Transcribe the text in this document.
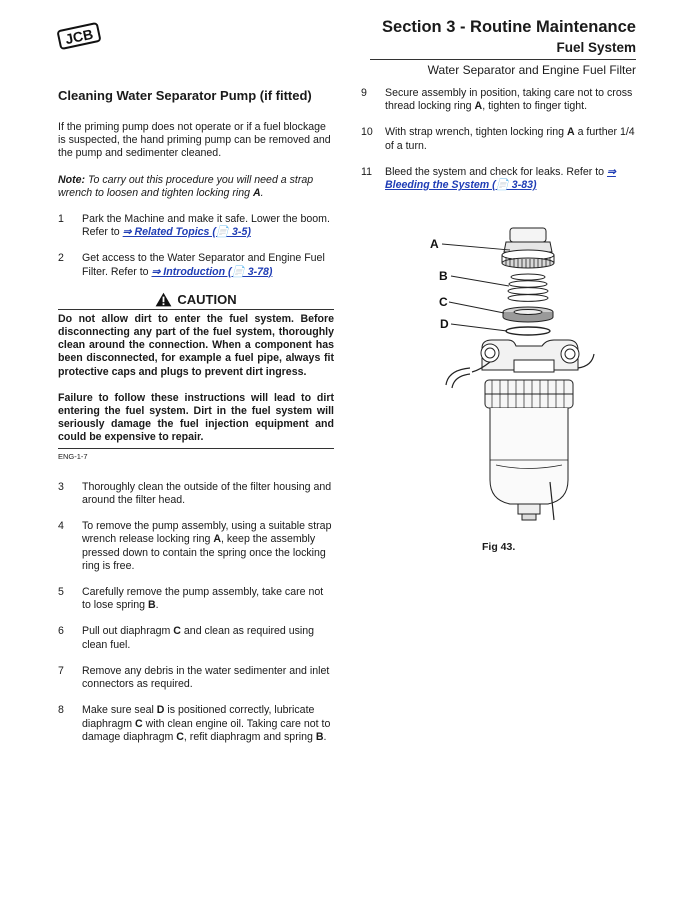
JCB	Section 3 - Routine Maintenance
Fuel System
Water Separator and Engine Fuel Filter
Cleaning Water Separator Pump (if fitted)

If the priming pump does not operate or if a fuel blockage is suspected, the hand priming pump can be removed and the pump and sedimenter cleaned.

Note: To carry out this procedure you will need a strap wrench to loosen and tighten locking ring A.

1	Park the Machine and make it safe. Lower the boom. Refer to ⇒ Related Topics (📄 3-5)
2	Get access to the Water Separator and Engine Fuel Filter. Refer to ⇒ Introduction (📄 3-78)
CAUTION

Do not allow dirt to enter the fuel system. Before disconnecting any part of the fuel system, thoroughly clean around the connection. When a component has been disconnected, for example a fuel pipe, always fit protective caps and plugs to prevent dirt ingress.

Failure to follow these instructions will lead to dirt entering the fuel system. Dirt in the fuel system will seriously damage the fuel injection equipment and could be expensive to repair.

ENG-1-7
3	Thoroughly clean the outside of the filter housing and around the filter head.
4	To remove the pump assembly, using a suitable strap wrench release locking ring A, keep the assembly pressed down to contain the spring once the locking ring is free.
5	Carefully remove the pump assembly, take care not to lose spring B.
6	Pull out diaphragm C and clean as required using clean fuel.
7	Remove any debris in the water sedimenter and inlet connectors as required.
8	Make sure seal D is positioned correctly, lubricate diaphragm C with clean engine oil. Taking care not to damage diaphragm C, refit diaphragm and spring B.
9	Secure assembly in position, taking care not to cross thread locking ring A, tighten to finger tight.
10	With strap wrench, tighten locking ring A a further 1/4 of a turn.
11	Bleed the system and check for leaks. Refer to ⇒ Bleeding the System (📄 3-83)
A
B
C
D
Fig 43.
